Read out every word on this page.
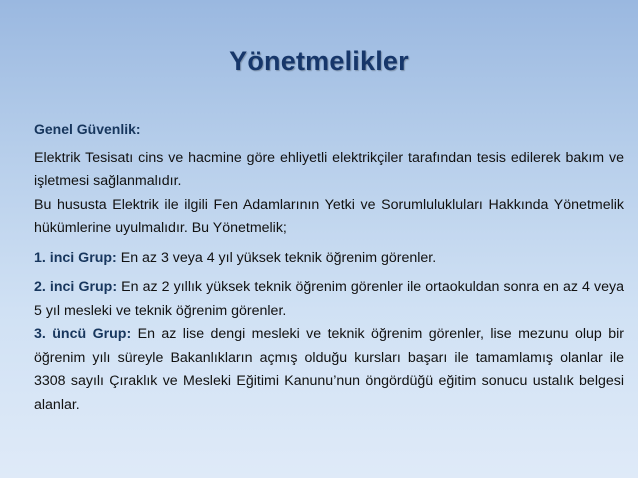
Yönetmelikler
Genel Güvenlik:

Elektrik Tesisatı cins ve hacmine göre ehliyetli elektrikçiler tarafından tesis edilerek bakım ve işletmesi sağlanmalıdır.

Bu hususta Elektrik ile ilgili Fen Adamlarının Yetki ve Sorumlulukluları Hakkında Yönetmelik hükümlerine uyulmalıdır. Bu Yönetmelik;

1. inci Grup: En az 3 veya 4 yıl yüksek teknik öğrenim görenler.

2. inci Grup: En az 2 yıllık yüksek teknik öğrenim görenler ile ortaokuldan sonra en az 4 veya 5 yıl mesleki ve teknik öğrenim görenler.

3. üncü Grup: En az lise dengi mesleki ve teknik öğrenim görenler, lise mezunu olup bir öğrenim yılı süreyle Bakanlıkların açmış olduğu kursları başarı ile tamamlamış olanlar ile 3308 sayılı Çıraklık ve Mesleki Eğitimi Kanunu’nun öngördüğü eğitim sonucu ustalık belgesi alanlar.
